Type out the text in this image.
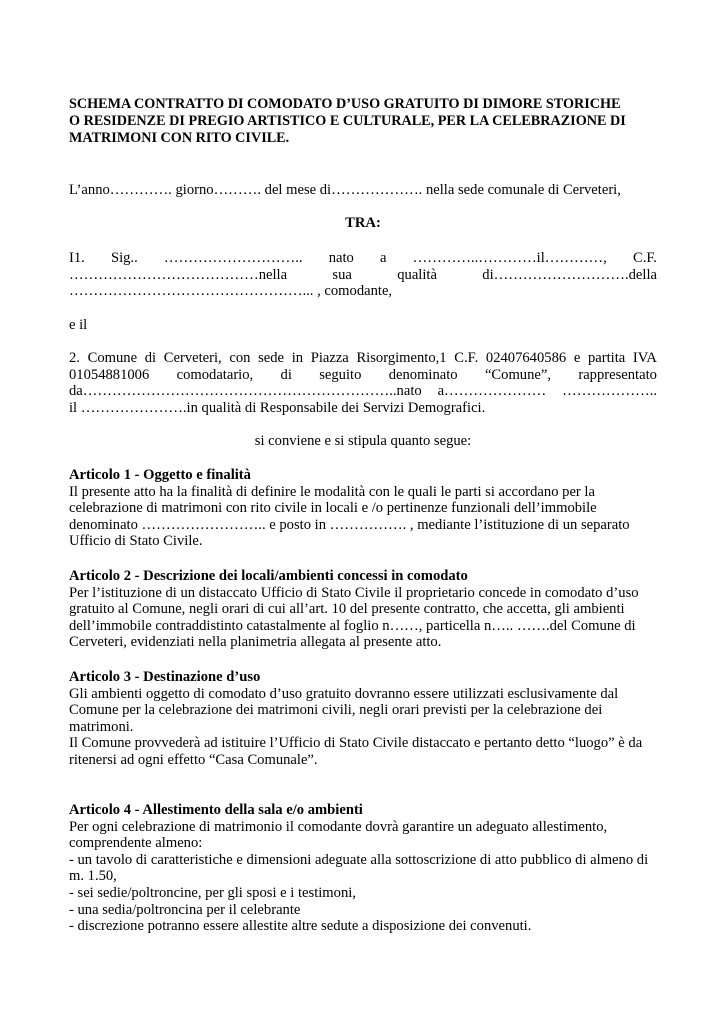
SCHEMA CONTRATTO DI COMODATO D’USO GRATUITO DI DIMORE STORICHE
O RESIDENZE DI PREGIO ARTISTICO E CULTURALE, PER LA CELEBRAZIONE DI
MATRIMONI CON RITO CIVILE.
L’anno…………. giorno………. del mese di………………. nella sede comunale di Cerveteri,
TRA:
I1. Sig.. ……………………….. nato a …………..…………il…………, C.F.
…………………………………nella	sua	qualità	di……………………….della
…………………………………………... , comodante,
e il
2. Comune di Cerveteri, con sede in Piazza Risorgimento,1 C.F. 02407640586 e partita IVA
01054881006 comodatario, di seguito denominato “Comune”, rappresentato
da………………………………………………………..nato a………………… ………………..
il ………………….in qualità di Responsabile dei Servizi Demografici.
si conviene e si stipula quanto segue:
Articolo 1 - Oggetto e finalità
Il presente atto ha la finalità di definire le modalità con le quali le parti si accordano per la
celebrazione di matrimoni con rito civile in locali e /o pertinenze funzionali dell’immobile
denominato …………………….. e posto in ……………. , mediante l’istituzione di un separato
Ufficio di Stato Civile.
Articolo 2 - Descrizione dei locali/ambienti concessi in comodato
Per l’istituzione di un distaccato Ufficio di Stato Civile il proprietario concede in comodato d’uso
gratuito al Comune, negli orari di cui all’art. 10 del presente contratto, che accetta, gli ambienti
dell’immobile contraddistinto catastalmente al foglio n……, particella n….. …….del Comune di
Cerveteri, evidenziati nella planimetria allegata al presente atto.
Articolo 3 - Destinazione d’uso
Gli ambienti oggetto di comodato d’uso gratuito dovranno essere utilizzati esclusivamente dal
Comune per la celebrazione dei matrimoni civili, negli orari previsti per la celebrazione dei
matrimoni.
Il Comune provvederà ad istituire l’Ufficio di Stato Civile distaccato e pertanto detto “luogo” è da
ritenersi ad ogni effetto “Casa Comunale”.
Articolo 4 - Allestimento della sala e/o ambienti
Per ogni celebrazione di matrimonio il comodante dovrà garantire un adeguato allestimento,
comprendente almeno:
- un tavolo di caratteristiche e dimensioni adeguate alla sottoscrizione di atto pubblico di almeno di
m. 1.50,
- sei sedie/poltroncine, per gli sposi e i testimoni,
- una sedia/poltroncina per il celebrante
- discrezione potranno essere allestite altre sedute a disposizione dei convenuti.
